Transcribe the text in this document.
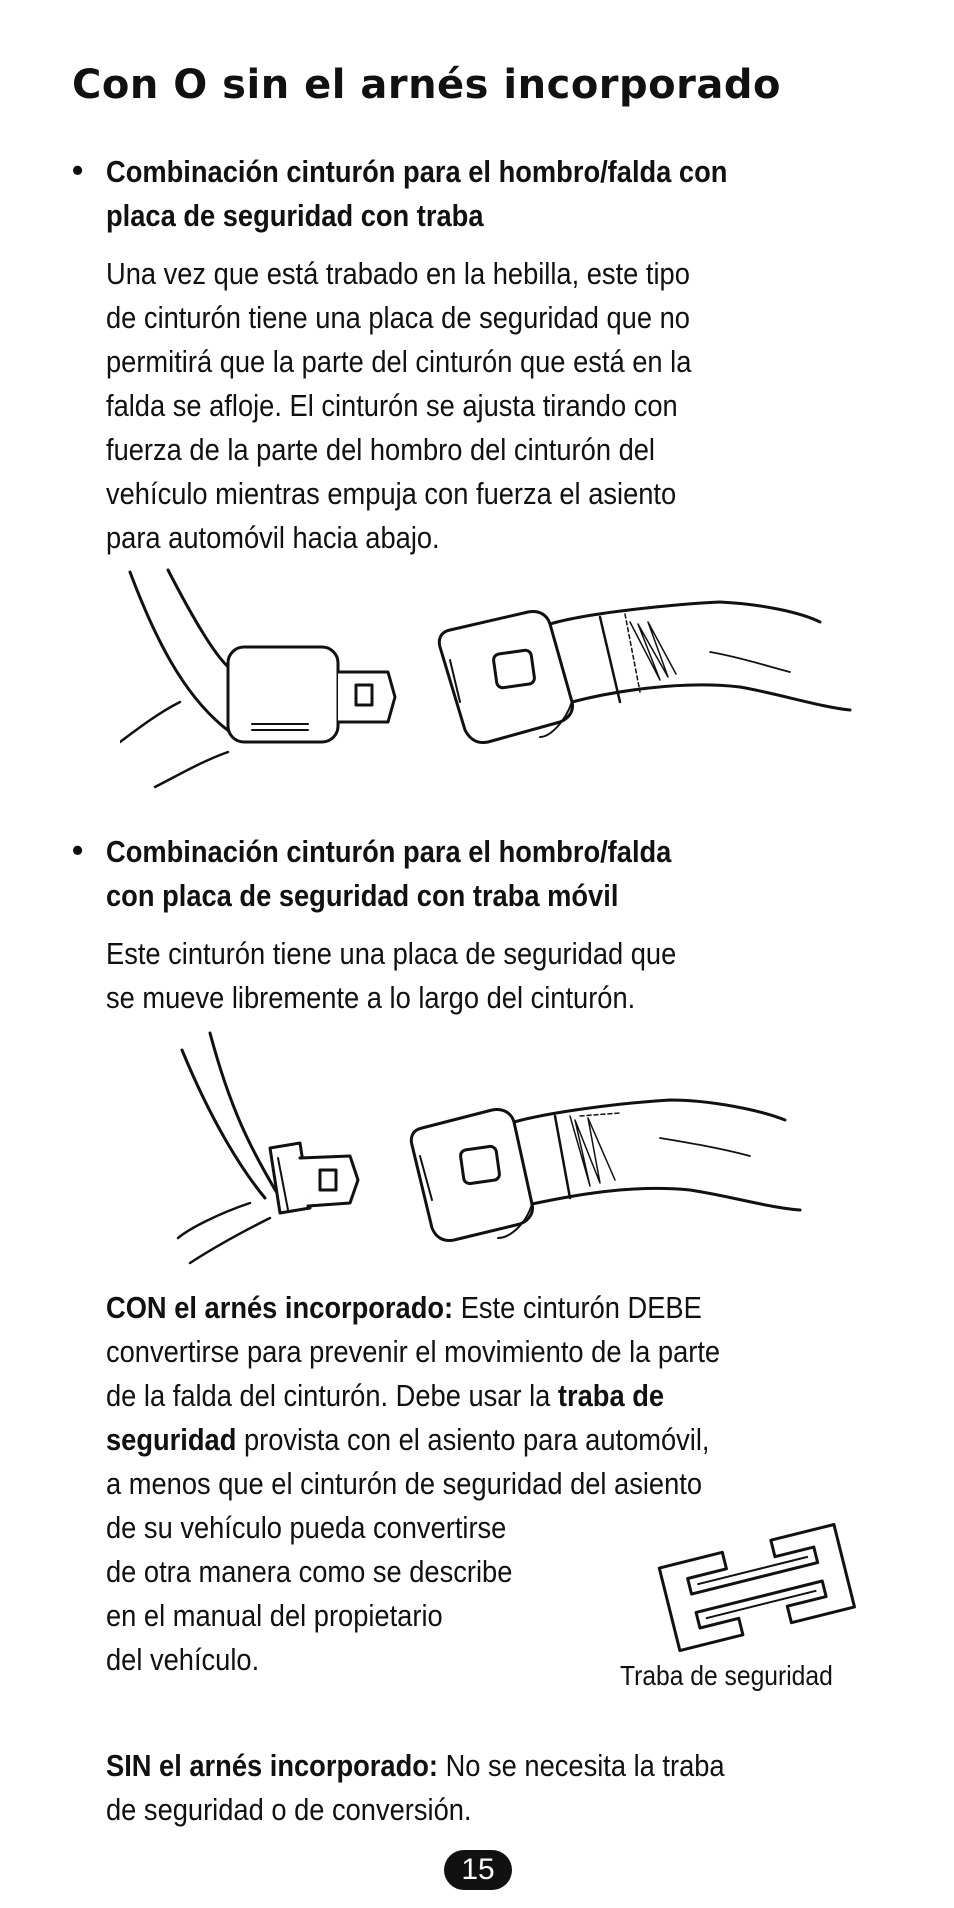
Con O sin el arnés incorporado
• Combinación cinturón para el hombro/falda con
placa de seguridad con traba
Una vez que está trabado en la hebilla, este tipo
de cinturón tiene una placa de seguridad que no
permitirá que la parte del cinturón que está en la
falda se afloje. El cinturón se ajusta tirando con
fuerza de la parte del hombro del cinturón del
vehículo mientras empuja con fuerza el asiento
para automóvil hacia abajo.
• Combinación cinturón para el hombro/falda
con placa de seguridad con traba móvil
Este cinturón tiene una placa de seguridad que
se mueve libremente a lo largo del cinturón.
CON el arnés incorporado: Este cinturón DEBE
convertirse para prevenir el movimiento de la parte
de la falda del cinturón. Debe usar la traba de
seguridad provista con el asiento para automóvil,
a menos que el cinturón de seguridad del asiento
de su vehículo pueda convertirse
de otra manera como se describe
en el manual del propietario
del vehículo.	Traba de seguridad
SIN el arnés incorporado: No se necesita la traba
de seguridad o de conversión.
15
